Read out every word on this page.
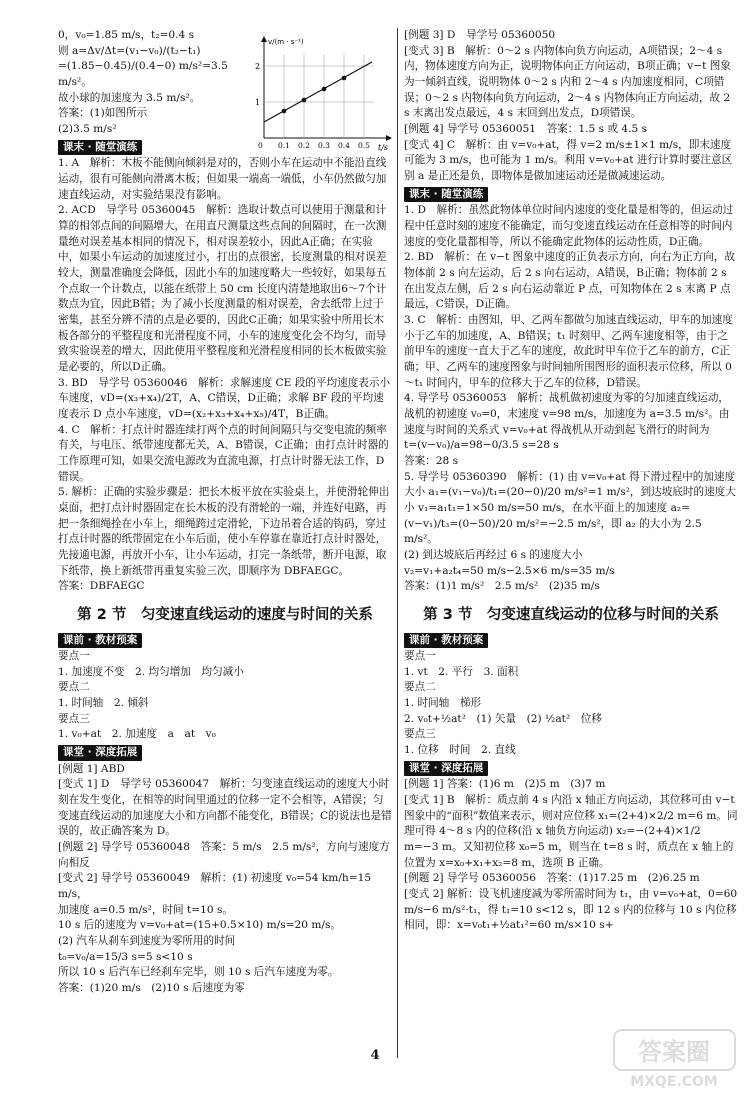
0，v₀=1.85 m/s，t₂=0.4 s

则 a=Δv/Δt=(v₁−v₀)/(t₂−t₁)

=(1.85−0.45)/(0.4−0) m/s²=3.5 m/s²。

故小球的加速度为 3.5 m/s²。

答案：(1)如图所示

(2)3.5 m/s²

课末 · 随堂演练

1. A　解析：木板不能侧向倾斜是对的，否则小车在运动中不能沿直线运动，很有可能侧向滑离木板；但如果一端高一端低，小车仍然做匀加速直线运动，对实验结果没有影响。

2. ACD　导学号 05360045　解析：选取计数点可以使用于测量和计算的相邻点间的间隔增大，在用直尺测量这些点间的间隔时，在一次测量绝对误差基本相同的情况下，相对误差较小，因此A正确；在实验中，如果小车运动的加速度过小，打出的点很密，长度测量的相对误差较大，测量准确度会降低，因此小车的加速度略大一些较好，如果每五个点取一个计数点，以能在纸带上 50 cm 长度内清楚地取出6～7个计数点为宜，因此B错；为了减小长度测量的相对误差，舍去纸带上过于密集，甚至分辨不清的点是必要的，因此C正确；如果实验中所用长木板各部分的平整程度和光滑程度不同，小车的速度变化会不均匀，而导致实验误差的增大，因此使用平整程度和光滑程度相同的长木板做实验是必要的，所以D正确。

3. BD　导学号 05360046　解析：求解速度 CE 段的平均速度表示小车速度，vD=(x₃+x₄)/2T，A、C错误，D正确；求解 BF 段的平均速度表示 D 点小车速度，vD=(x₂+x₃+x₄+x₅)/4T，B正确。

4. C　解析：打点计时器连续打两个点的时间间隔只与交变电流的频率有关，与电压、纸带速度都无关，A、B错误，C正确；由打点计时器的工作原理可知，如果交流电源改为直流电源，打点计时器无法工作，D错误。

5. 解析：正确的实验步骤是：把长木板平放在实验桌上，并使滑轮伸出桌面，把打点计时器固定在长木板的没有滑轮的一端，并连好电路，再把一条细绳拴在小车上，细绳跨过定滑轮，下边吊着合适的钩码，穿过打点计时器的纸带固定在小车后面，使小车停靠在靠近打点计时器处，先接通电源，再放开小车，让小车运动，打完一条纸带，断开电源，取下纸带，换上新纸带再重复实验三次，即顺序为 DBFAEGC。

答案：DBFAEGC

第 2 节　匀变速直线运动的速度与时间的关系
课前 · 教材预案

要点一

1. 加速度不变　2. 均匀增加　均匀减小

要点二

1. 时间轴　2. 倾斜

要点三

1. v₀+at　2. 加速度　a　at　v₀

课堂 · 深度拓展

[例题 1] ABD

[变式 1] D　导学号 05360047　解析：匀变速直线运动的速度大小时刻在发生变化，在相等的时间里通过的位移一定不会相等，A错误；匀变速直线运动的加速度大小和方向都不能变化，B错误；C的说法也是错误的，故正确答案为 D。

[例题 2] 导学号 05360048　答案：5 m/s　2.5 m/s²，方向与速度方向相反

[变式 2] 导学号 05360049　解析：(1) 初速度 v₀=54 km/h=15 m/s，

加速度 a=0.5 m/s²，时间 t=10 s。

10 s 后的速度为 v=v₀+at=(15+0.5×10) m/s=20 m/s。

(2) 汽车从刹车到速度为零所用的时间

t₀=v₀/a=15/3 s=5 s<10 s

所以 10 s 后汽车已经刹车完毕，则 10 s 后汽车速度为零。

答案：(1)20 m/s　(2)10 s 后速度为零

[例题 3] D　导学号 05360050

[变式 3] B　解析：0～2 s 内物体向负方向运动，A项错误；2～4 s 内，物体速度方向为正，说明物体向正方向运动，B项正确；v−t 图象为一倾斜直线，说明物体 0～2 s 内和 2～4 s 内加速度相同，C项错误；0～2 s 内物体向负方向运动，2～4 s 内物体向正方向运动，故 2 s 末离出发点最远，4 s 末回到出发点，D项错误。

[例题 4] 导学号 05360051　答案：1.5 s 或 4.5 s

[变式 4] C　解析：由 v=v₀+at，得 v=2 m/s±1×1 m/s，即末速度可能为 3 m/s，也可能为 1 m/s。利用 v=v₀+at 进行计算时要注意区别 a 是正还是负，即物体是做加速运动还是做减速运动。

课末 · 随堂演练

1. D　解析：虽然此物体单位时间内速度的变化量是相等的，但运动过程中任意时刻的速度不能确定，而匀变速直线运动在任意相等的时间内速度的变化量都相等，所以不能确定此物体的运动性质，D正确。

2. BD　解析：在 v−t 图象中速度的正负表示方向，向右为正方向，故物体前 2 s 向左运动，后 2 s 向右运动，A错误，B正确；物体前 2 s 在出发点左侧，后 2 s 向右运动靠近 P 点，可知物体在 2 s 末离 P 点最远，C错误，D正确。

3. C　解析：由图知，甲、乙两车都做匀加速直线运动，甲车的加速度小于乙车的加速度，A、B错误；t₁ 时刻甲、乙两车速度相等，由于之前甲车的速度一直大于乙车的速度，故此时甲车位于乙车的前方，C正确；甲、乙两车的速度图象与时间轴所围图形的面积表示位移，所以 0～t₁ 时间内，甲车的位移大于乙车的位移，D错误。

4. 导学号 05360053　解析：战机做初速度为零的匀加速直线运动，战机的初速度 v₀=0，末速度 v=98 m/s，加速度为 a=3.5 m/s²。由速度与时间的关系式 v=v₀+at 得战机从开动到起飞滑行的时间为

t=(v−v₀)/a=98−0/3.5 s=28 s

答案：28 s

5. 导学号 05360390　解析：(1) 由 v=v₀+at 得下滑过程中的加速度大小 a₁=(v₁−v₀)/t₁=(20−0)/20 m/s²=1 m/s²，到达坡底时的速度大小 v₁=a₁t₁=1×50 m/s=50 m/s，在水平面上的加速度 a₂=(v−v₁)/t₃=(0−50)/20 m/s²=−2.5 m/s²，即 a₂ 的大小为 2.5 m/s²。

(2) 到达坡底后再经过 6 s 的速度大小

v₂=v₁+a₂t₄=50 m/s−2.5×6 m/s=35 m/s

答案：(1)1 m/s²　2.5 m/s²　(2)35 m/s

第 3 节　匀变速直线运动的位移与时间的关系
课前 · 教材预案

要点一

1. vt　2. 平行　3. 面积

要点二

1. 时间轴　梯形

2. v₀t+½at²　(1) 矢量　(2) ½at²　位移

要点三

1. 位移　时间　2. 直线

课堂 · 深度拓展

[例题 1] 答案：(1)6 m　(2)5 m　(3)7 m

[变式 1] B　解析：质点前 4 s 内沿 x 轴正方向运动，其位移可由 v−t 图象中的“面积”数值来表示，则对应位移 x₁=(2+4)×2/2 m=6 m。同理可得 4～8 s 内的位移(沿 x 轴负方向运动) x₂=−(2+4)×1/2 m=−3 m。又知初位移 x₀=5 m，则当在 t=8 s 时，质点在 x 轴上的位置为 x=x₀+x₁+x₂=8 m，选项 B 正确。

[例题 2] 导学号 05360056　答案：(1)17.25 m　(2)6.25 m

[变式 2] 解析：设飞机速度减为零所需时间为 t₁，由 v=v₀+at，0=60 m/s−6 m/s²·t₁，得 t₁=10 s<12 s，即 12 s 内的位移与 10 s 内位移相同，即：x=v₀t₁+½at₁²=60 m/s×10 s+

v/(m · s⁻¹)
t/s
1
2
0 0.1 0.2 0.3 0.4 0.5
4	答案圈
MXQE.COM
